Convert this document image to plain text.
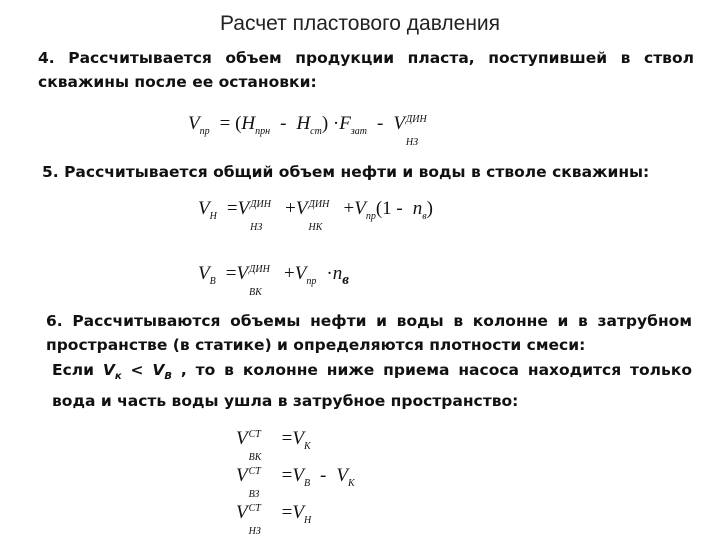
Расчет пластового давления
4. Рассчитывается объем продукции пласта, поступившей в ствол скважины после ее остановки:
$V_{пр} = (H_{прн} - H_{ст}) \cdot F_{зат} - V$ ДИН
НЗ
5. Рассчитывается общий объем нефти и воды в стволе скважины:
$V_Н =V$ ДИН
НЗ
+V ДИН
НК
$+V_{пр}(1 - n_в)$
$V_В =V$ ДИН
ВК
$+V_{пр} \cdot n_в$
6. Рассчитываются объемы нефти и воды в колонне и в затрубном пространстве (в статике) и определяются плотности смеси:
Если $V_к < V_В$ , то в колонне ниже приема насоса находится только вода и часть воды ушла в затрубное пространство:
V СТ
ВК
$=V_К$
V СТ
ВЗ
$=V_В - V_К$
V СТ
НЗ
$=V_Н$
